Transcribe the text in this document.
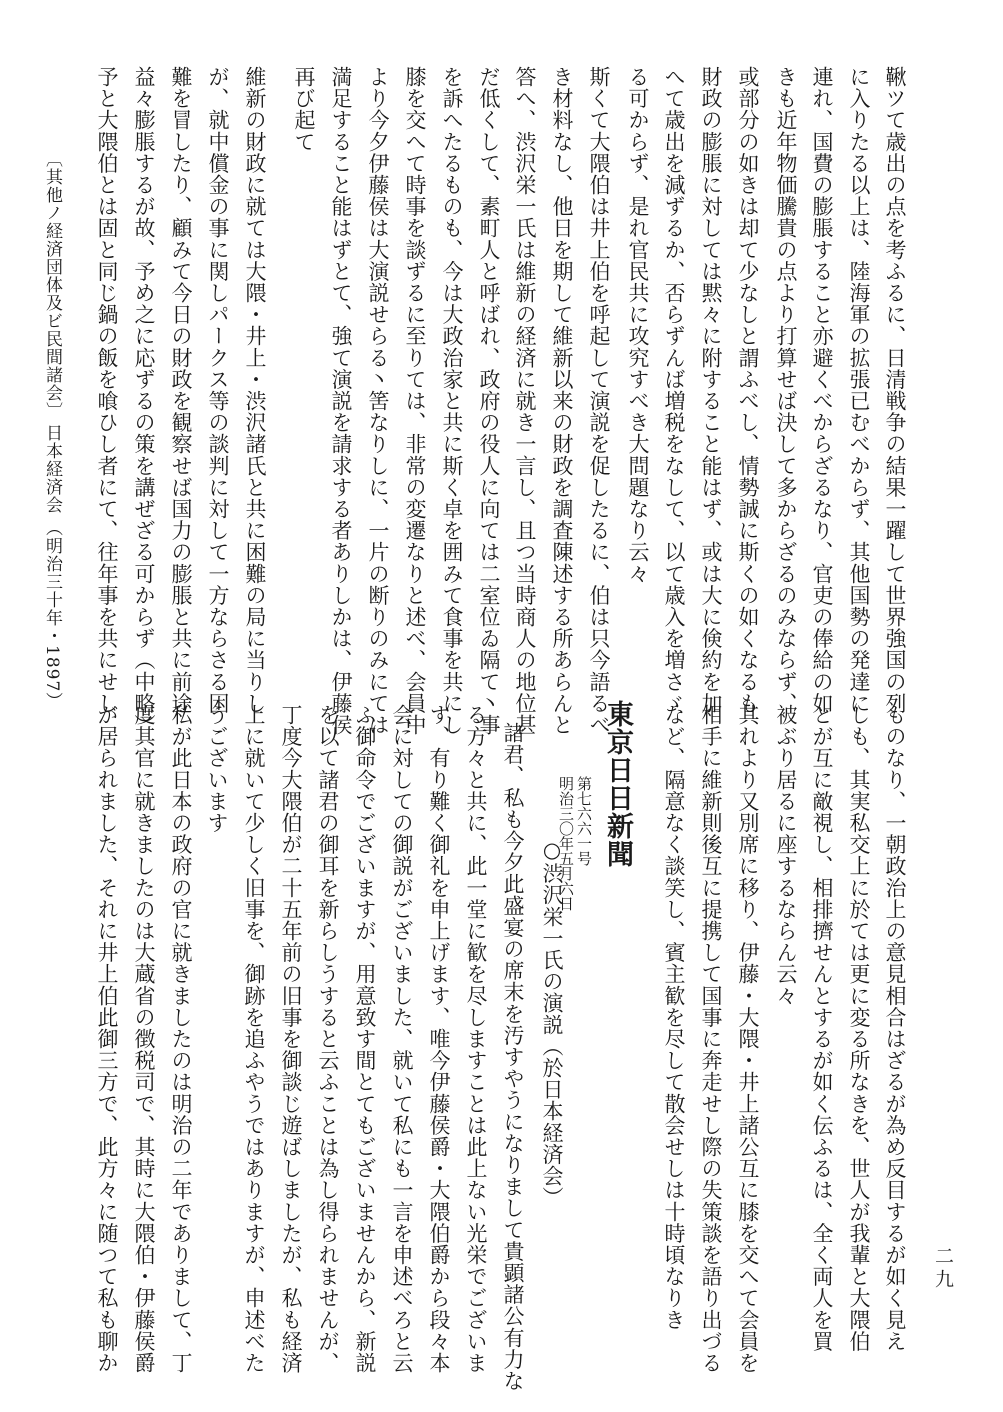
〔其他ノ経済団体及ビ民間諸会〕
日本経済会
（明治三十年・1897）	鞦ツて歳出の点を考ふるに、日清戦争の結果一躍して世界強国の列
に入りたる以上は、陸海軍の拡張已むべからず、其他国勢の発達に
連れ、国費の膨脹すること亦避くべからざるなり、官吏の俸給の如
きも近年物価騰貴の点より打算せば決して多からざるのみならず、
或部分の如きは却て少なしと謂ふべし、情勢誠に斯くの如くなるも
財政の膨脹に対しては黙々に附すること能はず、或は大に倹約を加
へて歳出を減ずるか、否らずんば増税をなして、以て歳入を増さゞ
る可からず、是れ官民共に攻究すべき大問題なり云々
斯くて大隈伯は井上伯を呼起して演説を促したるに、伯は只今語るべ
き材料なし、他日を期して維新以来の財政を調査陳述する所あらんと
答へ、渋沢栄一氏は維新の経済に就き一言し、且つ当時商人の地位甚
だ低くして、素町人と呼ばれ、政府の役人に向ては二室位ゐ隔て丶事
を訴へたるものも、今は大政治家と共に斯く卓を囲みて食事を共にし
膝を交へて時事を談ずるに至りては、非常の変遷なりと述べ、会員中
より今夕伊藤侯は大演説せらる丶筈なりしに、一片の断りのみにては
満足すること能はずとて、強て演説を請求する者ありしかは、伊藤侯
再び起て
維新の財政に就ては大隈・井上・渋沢諸氏と共に困難の局に当りし
が、就中償金の事に関しパークス等の談判に対して一方ならさる困
難を冒したり、顧みて今日の財政を観察せば国力の膨脹と共に前途
益々膨脹するが故、予め之に応ずるの策を講ぜざる可からず（中略）
予と大隈伯とは固と同じ鍋の飯を喰ひし者にて、往年事を共にせし
ものなり、一朝政治上の意見相合はざるが為め反目するが如く見え
しも、其実私交上に於ては更に変る所なきを、世人が我輩と大隈伯
とが互に敵視し、相排擠せんとするが如く伝ふるは、全く両人を買
被ぶり居るに座するならん云々
其れより又別席に移り、伊藤・大隈・井上諸公互に膝を交へて会員を
相手に維新則後互に提携して国事に奔走せし際の失策談を語り出づる
など、隔意なく談笑し、賓主歓を尽して散会せしは十時頃なりき
東京日日新聞
第七六六一号
明治三〇年五月六日
○渋沢栄一氏の演説（於日本経済会）
諸君、私も今夕此盛宴の席末を汚すやうになりまして貴顕諸公有力な
る方々と共に、此一堂に歓を尽しますことは此上ない光栄でございま
す、有り難く御礼を申上げます、唯今伊藤侯爵・大隈伯爵から段々本
会に対しての御説がございました、就いて私にも一言を申述べろと云
ふ御命令でございますが、用意致す間とてもございませんから、新説
を以て諸君の御耳を新らしうすると云ふことは為し得られませんが、
丁度今大隈伯が二十五年前の旧事を御談じ遊ばしましたが、私も経済
上に就いて少しく旧事を、御跡を追ふやうではありますが、申述べた
うございます
私が此日本の政府の官に就きましたのは明治の二年でありまして、丁
度其官に就きましたのは大蔵省の徴税司で、其時に大隈伯・伊藤侯爵
が居られました、それに井上伯此御三方で、此方々に随つて私も聊か	二九
